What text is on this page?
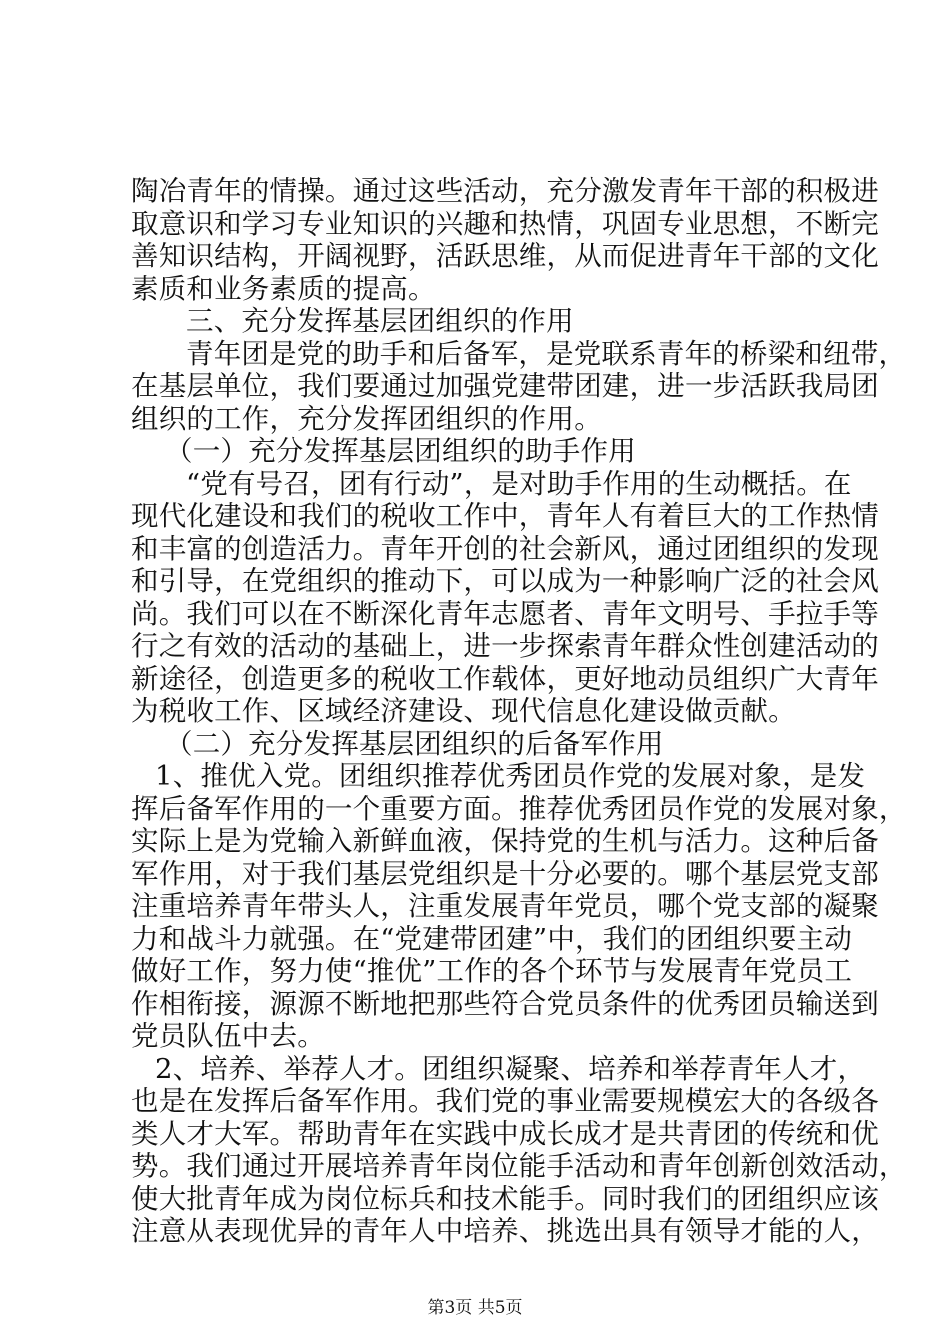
陶冶青年的情操。通过这些活动，充分激发青年干部的积极进
取意识和学习专业知识的兴趣和热情，巩固专业思想，不断完
善知识结构，开阔视野，活跃思维，从而促进青年干部的文化
素质和业务素质的提高。
三、充分发挥基层团组织的作用
青年团是党的助手和后备军，是党联系青年的桥梁和纽带，
在基层单位，我们要通过加强党建带团建，进一步活跃我局团
组织的工作，充分发挥团组织的作用。
（一）充分发挥基层团组织的助手作用
“党有号召，团有行动”，是对助手作用的生动概括。在
现代化建设和我们的税收工作中，青年人有着巨大的工作热情
和丰富的创造活力。青年开创的社会新风，通过团组织的发现
和引导，在党组织的推动下，可以成为一种影响广泛的社会风
尚。我们可以在不断深化青年志愿者、青年文明号、手拉手等
行之有效的活动的基础上，进一步探索青年群众性创建活动的
新途径，创造更多的税收工作载体，更好地动员组织广大青年
为税收工作、区域经济建设、现代信息化建设做贡献。
（二）充分发挥基层团组织的后备军作用
1、推优入党。团组织推荐优秀团员作党的发展对象，是发
挥后备军作用的一个重要方面。推荐优秀团员作党的发展对象，
实际上是为党输入新鲜血液，保持党的生机与活力。这种后备
军作用，对于我们基层党组织是十分必要的。哪个基层党支部
注重培养青年带头人，注重发展青年党员，哪个党支部的凝聚
力和战斗力就强。在“党建带团建”中，我们的团组织要主动
做好工作，努力使“推优”工作的各个环节与发展青年党员工
作相衔接，源源不断地把那些符合党员条件的优秀团员输送到
党员队伍中去。
2、培养、举荐人才。团组织凝聚、培养和举荐青年人才，
也是在发挥后备军作用。我们党的事业需要规模宏大的各级各
类人才大军。帮助青年在实践中成长成才是共青团的传统和优
势。我们通过开展培养青年岗位能手活动和青年创新创效活动，
使大批青年成为岗位标兵和技术能手。同时我们的团组织应该
注意从表现优异的青年人中培养、挑选出具有领导才能的人，
第3页 共5页
